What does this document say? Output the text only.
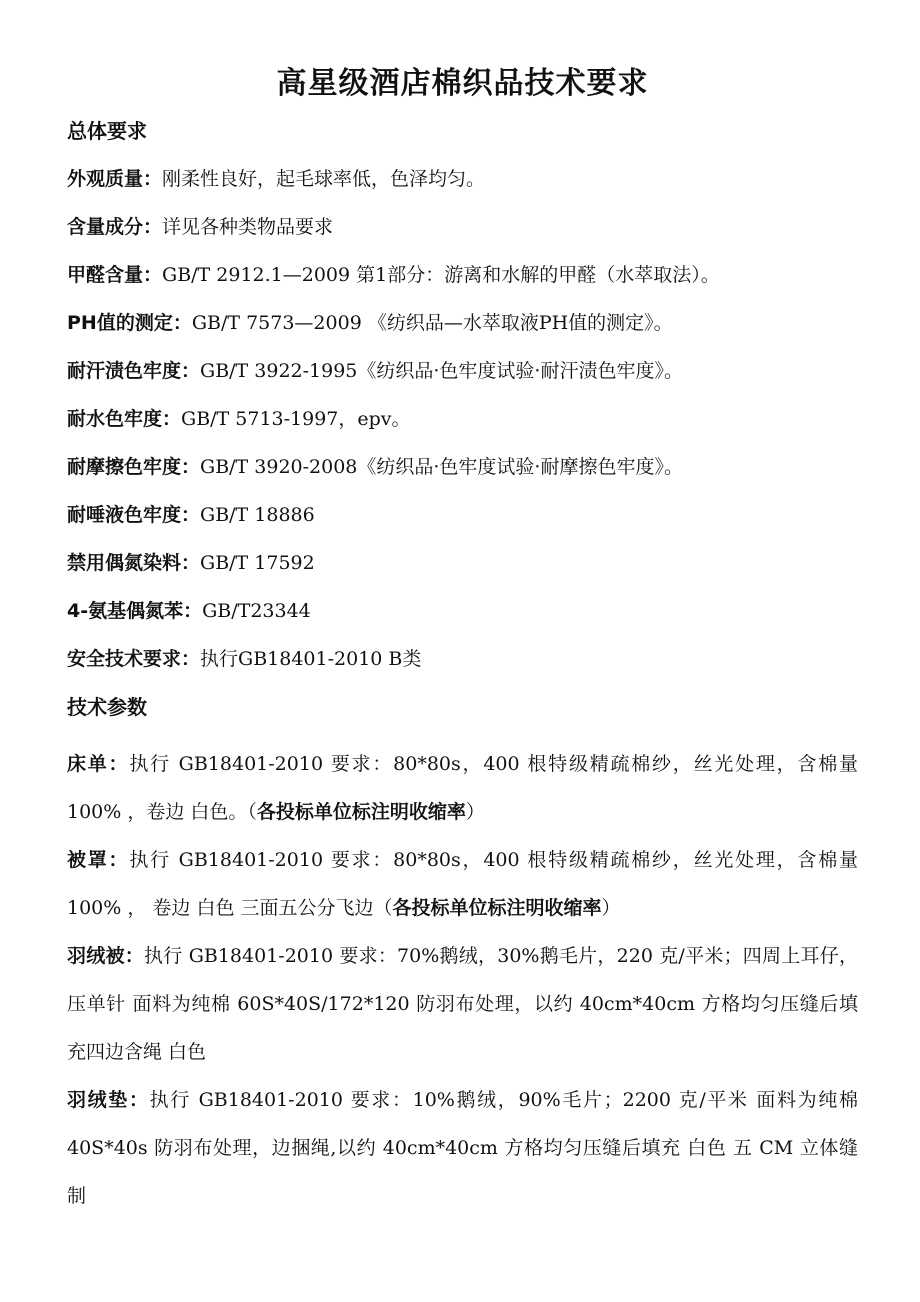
高星级酒店棉织品技术要求
总体要求
外观质量：刚柔性良好，起毛球率低，色泽均匀。
含量成分：详见各种类物品要求
甲醛含量：GB/T 2912.1—2009 第1部分：游离和水解的甲醛（水萃取法）。
PH值的测定：GB/T 7573—2009 《纺织品—水萃取液PH值的测定》。
耐汗渍色牢度：GB/T 3922-1995《纺织品·色牢度试验·耐汗渍色牢度》。
耐水色牢度：GB/T 5713-1997，epv。
耐摩擦色牢度：GB/T 3920-2008《纺织品·色牢度试验·耐摩擦色牢度》。
耐唾液色牢度：GB/T 18886
禁用偶氮染料：GB/T 17592
4-氨基偶氮苯：GB/T23344
安全技术要求：执行GB18401-2010 B类
技术参数
床单：执行 GB18401-2010 要求：80*80s，400 根特级精疏棉纱，丝光处理，含棉量 100% ，卷边 白色。（各投标单位标注明收缩率）
被罩：执行 GB18401-2010 要求：80*80s，400 根特级精疏棉纱，丝光处理，含棉量 100% ， 卷边 白色 三面五公分飞边（各投标单位标注明收缩率）
羽绒被：执行 GB18401-2010 要求：70%鹅绒，30%鹅毛片，220 克/平米；四周上耳仔，压单针 面料为纯棉 60S*40S/172*120 防羽布处理，以约 40cm*40cm 方格均匀压缝后填充四边含绳 白色
羽绒垫：执行 GB18401-2010 要求：10%鹅绒，90%毛片；2200 克/平米 面料为纯棉 40S*40s 防羽布处理，边捆绳,以约 40cm*40cm 方格均匀压缝后填充 白色 五 CM 立体缝制
